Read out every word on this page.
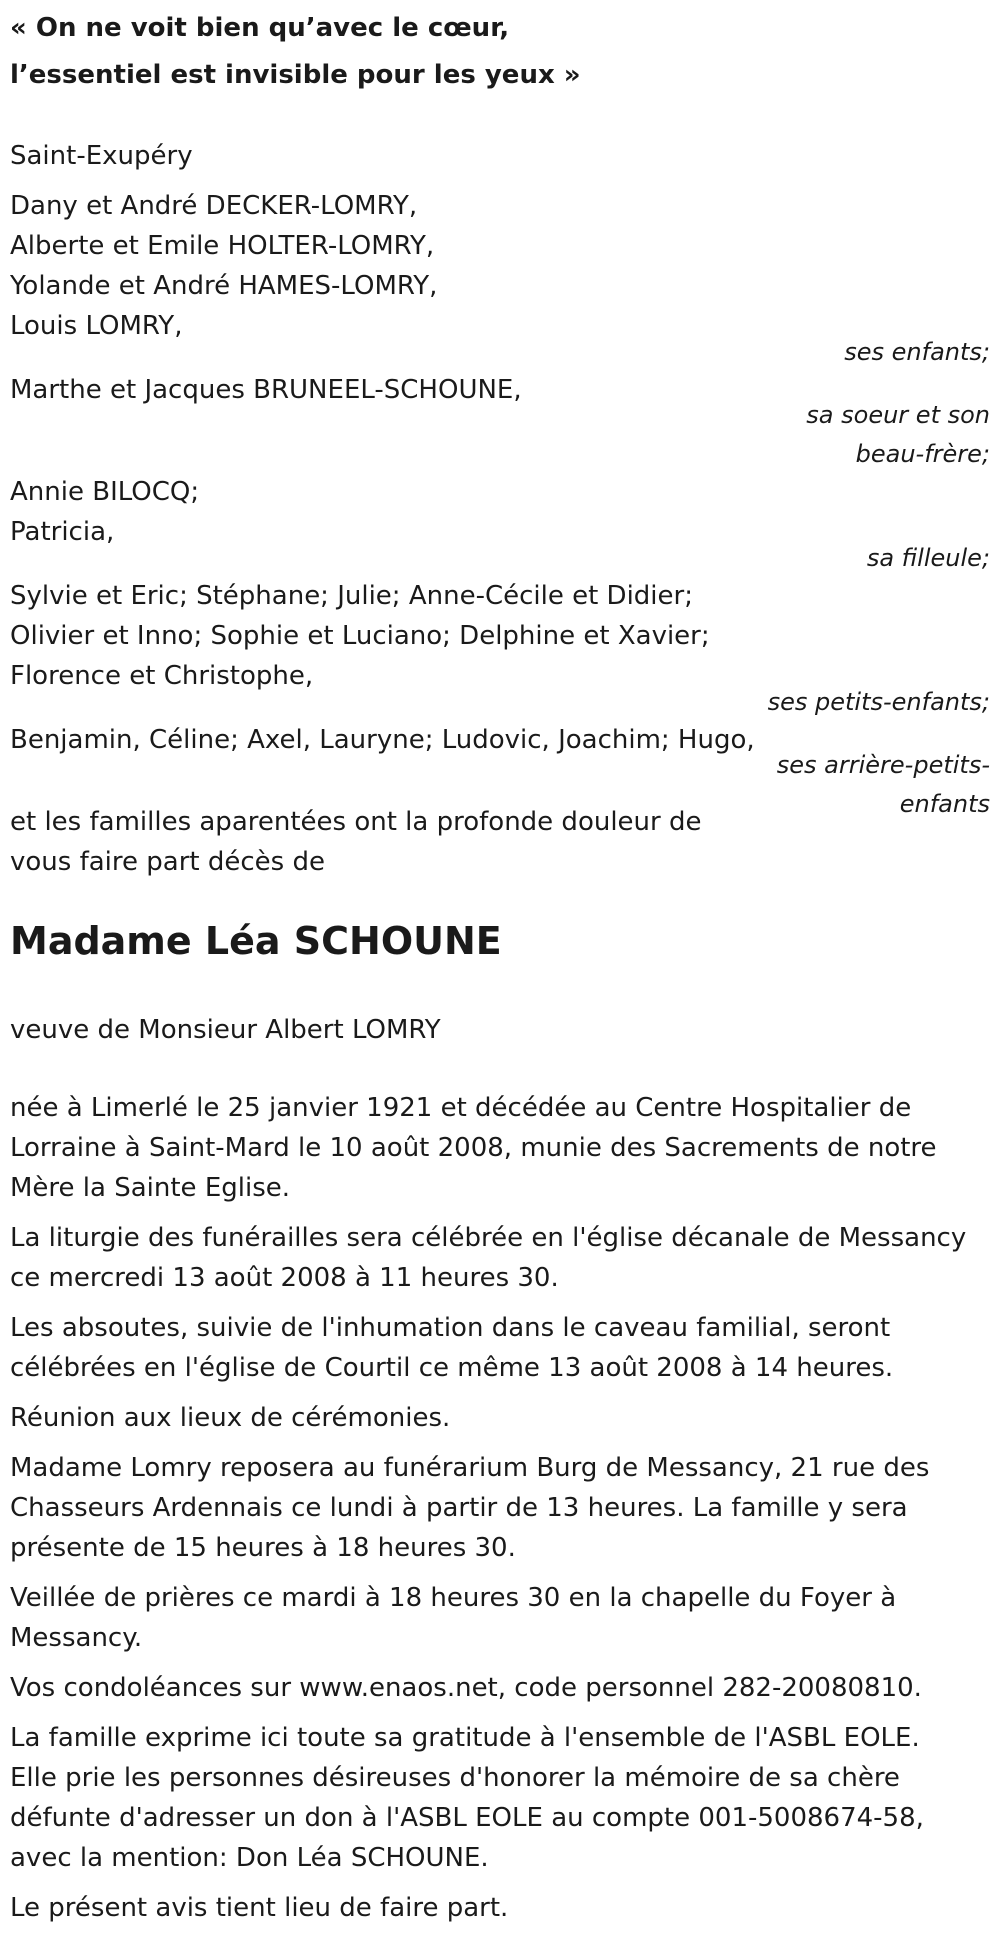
« On ne voit bien qu’avec le cœur,
l’essentiel est invisible pour les yeux »
Saint-Exupéry
Dany et André DECKER-LOMRY,
Alberte et Emile HOLTER-LOMRY,
Yolande et André HAMES-LOMRY,
Louis LOMRY,
ses enfants;
Marthe et Jacques BRUNEEL-SCHOUNE,
sa soeur et son
beau-frère;
Annie BILOCQ;
Patricia,
sa filleule;
Sylvie et Eric; Stéphane; Julie; Anne-Cécile et Didier;
Olivier et Inno; Sophie et Luciano; Delphine et Xavier;
Florence et Christophe,
ses petits-enfants;
Benjamin, Céline; Axel, Lauryne; Ludovic, Joachim; Hugo,
ses arrière-petits-
enfants
et les familles aparentées ont la profonde douleur de
vous faire part décès de
Madame Léa SCHOUNE
veuve de Monsieur Albert LOMRY
née à Limerlé le 25 janvier 1921 et décédée au Centre Hospitalier de
Lorraine à Saint-Mard le 10 août 2008, munie des Sacrements de notre
Mère la Sainte Eglise.
La liturgie des funérailles sera célébrée en l'église décanale de Messancy
ce mercredi 13 août 2008 à 11 heures 30.
Les absoutes, suivie de l'inhumation dans le caveau familial, seront
célébrées en l'église de Courtil ce même 13 août 2008 à 14 heures.
Réunion aux lieux de cérémonies.
Madame Lomry reposera au funérarium Burg de Messancy, 21 rue des
Chasseurs Ardennais ce lundi à partir de 13 heures. La famille y sera
présente de 15 heures à 18 heures 30.
Veillée de prières ce mardi à 18 heures 30 en la chapelle du Foyer à
Messancy.
Vos condoléances sur www.enaos.net, code personnel 282-20080810.
La famille exprime ici toute sa gratitude à l'ensemble de l'ASBL EOLE.
Elle prie les personnes désireuses d'honorer la mémoire de sa chère
défunte d'adresser un don à l'ASBL EOLE au compte 001-5008674-58,
avec la mention: Don Léa SCHOUNE.
Le présent avis tient lieu de faire part.
